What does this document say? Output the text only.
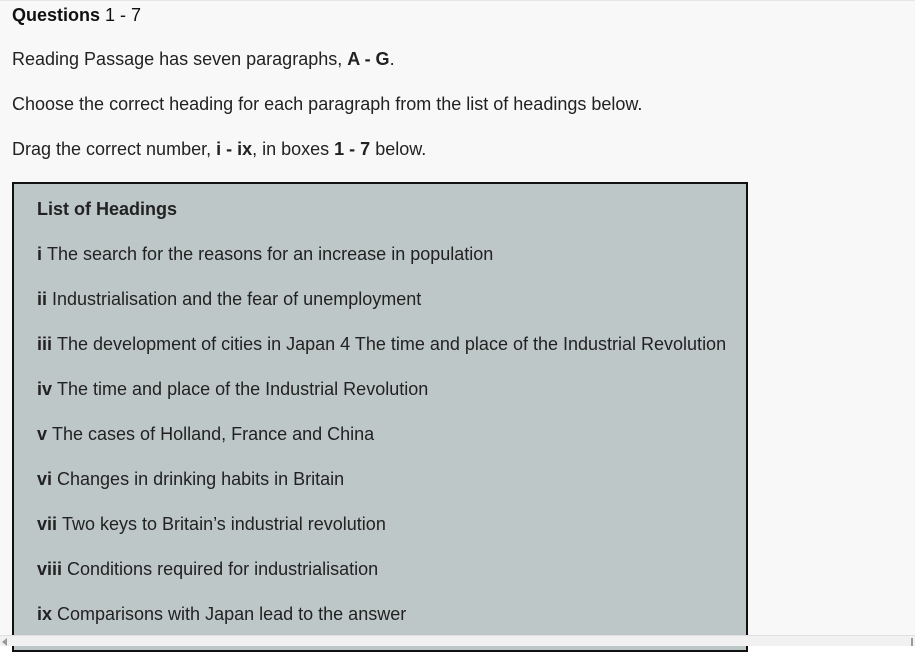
Questions 1 - 7
Reading Passage has seven paragraphs, A - G.
Choose the correct heading for each paragraph from the list of headings below.
Drag the correct number, i - ix, in boxes 1 - 7 below.
List of Headings
i The search for the reasons for an increase in population
ii Industrialisation and the fear of unemployment
iii The development of cities in Japan 4 The time and place of the Industrial Revolution
iv The time and place of the Industrial Revolution
v The cases of Holland, France and China
vi Changes in drinking habits in Britain
vii Two keys to Britain’s industrial revolution
viii Conditions required for industrialisation
ix Comparisons with Japan lead to the answer
